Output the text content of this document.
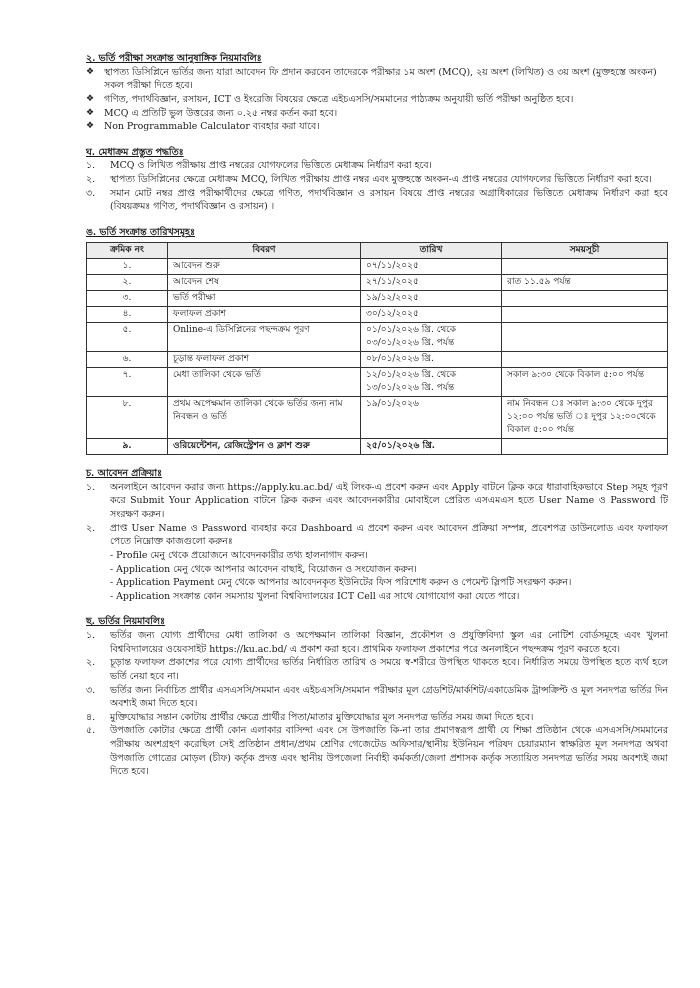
২. ভর্তি পরীক্ষা সংক্রান্ত আনুষাঙ্গিক নিয়মাবলিঃ

❖	স্থাপত্য ডিসিপ্লিনে ভর্তির জন্য যারা আবেদন ফি প্রদান করবেন তাদেরকে পরীক্ষার ১ম অংশ (MCQ), ২য় অংশ (লিখিত) ও ৩য় অংশ (মুক্তহস্তে অংকন) সকল পরীক্ষা দিতে হবে।
❖	গণিত, পদার্থবিজ্ঞান, রসায়ন, ICT ও ইংরেজি বিষয়ের ক্ষেত্রে এইচএসসি/সমমানের পাঠ্যক্রম অনুযায়ী ভর্তি পরীক্ষা অনুষ্ঠিত হবে।
❖	MCQ এ প্রতিটি ভুল উত্তরের জন্য ০.২৫ নম্বর কর্তন করা হবে।
❖	Non Programmable Calculator ব্যবহার করা যাবে।

ঘ. মেধাক্রম প্রস্তুত পদ্ধতিঃ

১.	MCQ ও লিখিত পরীক্ষায় প্রাপ্ত নম্বরের যোগফলের ভিত্তিতে মেধাক্রম নির্ধারণ করা হবে।
২.	স্থাপত্য ডিসিপ্লিনের ক্ষেত্রে মেধাক্রম MCQ, লিখিত পরীক্ষায় প্রাপ্ত নম্বর এবং মুক্তহস্তে অংকন-এ প্রাপ্ত নম্বরের যোগফলের ভিত্তিতে নির্ধারণ করা হবে।
৩.	সমান মোট নম্বর প্রাপ্ত পরীক্ষার্থীদের ক্ষেত্রে গণিত, পদার্থবিজ্ঞান ও রসায়ন বিষয়ে প্রাপ্ত নম্বরের অগ্রাধিকারের ভিত্তিতে মেধাক্রম নির্ধারণ করা হবে (বিষয়ক্রমঃ গণিত, পদার্থবিজ্ঞান ও রসায়ন) ।

ঙ. ভর্তি সংক্রান্ত তারিখসমূহঃ

ক্রমিক নং	বিবরণ	তারিখ	সময়সূচী
১.	আবেদন শুরু	০৭/১১/২০২৫	
২.	আবেদন শেষ	২৭/১১/২০২৫	রাত ১১.৫৯ পর্যন্ত
৩.	ভর্তি পরীক্ষা	১৯/১২/২০২৫	
৪.	ফলাফল প্রকাশ	৩০/১২/২০২৫	
৫.	Online-এ ডিসিপ্লিনের পছন্দক্রম পূরণ	০১/০১/২০২৬ খ্রি. থেকে ০৩/০১/২০২৬ খ্রি. পর্যন্ত	
৬.	চূড়ান্ত ফলাফল প্রকাশ	০৮/০১/২০২৬ খ্রি.	
৭.	মেধা তালিকা থেকে ভর্তি	১২/০১/২০২৬ খ্রি. থেকে ১৩/০১/২০২৬ খ্রি. পর্যন্ত	সকাল ৯:৩০ থেকে বিকাল ৫:০০ পর্যন্ত
৮.	প্রথম অপেক্ষমান তালিকা থেকে ভর্তির জন্য নাম নিবন্ধন ও ভর্তি	১৯/০১/২০২৬	নাম নিবন্ধন ঃ সকাল ৯:৩০ থেকে দুপুর ১২:০০ পর্যন্ত ভর্তি ঃ দুপুর ১২:০০থেকে বিকাল ৫:০০ পর্যন্ত
৯.	ওরিয়েন্টেশন, রেজিস্ট্রেশন ও ক্লাশ শুরু	২৫/০১/২০২৬ খ্রি.	

চ. আবেদন প্রক্রিয়াঃ

১.	অনলাইনে আবেদন করার জন্য https://apply.ku.ac.bd/ এই লিংক-এ প্রবেশ করুন এবং Apply বাটনে ক্লিক করে ধারাবাহিকভাবে Step সমূহ পূরণ করে Submit Your Application বাটনে ক্লিক করুন এবং আবেদনকারীর মোবাইলে প্রেরিত এসএমএস হতে User Name ও Password টি সংরক্ষণ করুন।
২.	প্রাপ্ত User Name ও Password ব্যবহার করে Dashboard এ প্রবেশ করুন এবং আবেদন প্রক্রিয়া সম্পন্ন, প্রবেশপত্র ডাউনলোড এবং ফলাফল পেতে নিম্নোক্ত কাজগুলো করুনঃ
- Profile মেনু থেকে প্রয়োজনে আবেদনকারীর তথ্য হালনাগাদ করুন।
- Application মেনু থেকে আপনার আবেদন বাছাই, বিয়োজন ও সংযোজন করুন।
- Application Payment মেনু থেকে আপনার আবেদনকৃত ইউনিটের ফিস পরিশোধ করুন ও পেমেন্ট স্লিপটি সংরক্ষণ করুন।
- Application সংক্রান্ত কোন সমস্যায় খুলনা বিশ্ববিদ্যালয়ের ICT Cell এর সাথে যোগাযোগ করা যেতে পারে।

ছ. ভর্তির নিয়মাবলিঃ

১.	ভর্তির জন্য যোগ্য প্রার্থীদের মেধা তালিকা ও অপেক্ষমান তালিকা বিজ্ঞান, প্রকৌশল ও প্রযুক্তিবিদ্যা স্কুল এর নোটিশ বোর্ডসমূহে এবং খুলনা বিশ্ববিদ্যালয়ের ওয়েবসাইট https://ku.ac.bd/ এ প্রকাশ করা হবে। প্রাথমিক ফলাফল প্রকাশের পরে অনলাইনে পছন্দক্রম পূরণ করতে হবে।
২.	চূড়ান্ত ফলাফল প্রকাশের পরে যোগ্য প্রার্থীদের ভর্তির নির্ধারিত তারিখ ও সময়ে স্ব-শরীরে উপস্থিত থাকতে হবে। নির্ধারিত সময়ে উপস্থিত হতে ব্যর্থ হলে ভর্তি নেয়া হবে না।
৩.	ভর্তির জন্য নির্বাচিত প্রার্থীর এসএসসি/সমমান এবং এইচএসসি/সমমান পরীক্ষার মূল গ্রেডশিট/মার্কশিট/একাডেমিক ট্রান্সক্রিপ্ট ও মূল সনদপত্র ভর্তির দিন অবশ্যই জমা দিতে হবে।
৪.	মুক্তিযোদ্ধার সন্তান কোটায় প্রার্থীর ক্ষেত্রে প্রার্থীর পিতা/মাতার মুক্তিযোদ্ধার মূল সনদপত্র ভর্তির সময় জমা দিতে হবে।
৫.	উপজাতি কোটার ক্ষেত্রে প্রার্থী কোন এলাকার বাসিন্দা এবং সে উপজাতি কি-না তার প্রমাণস্বরূপ প্রার্থী যে শিক্ষা প্রতিষ্ঠান থেকে এসএসসি/সমমানের পরীক্ষায় অংশগ্রহণ করেছিল সেই প্রতিষ্ঠান প্রধান/প্রথম শ্রেণির গেজেটেড অফিসার/স্থানীয় ইউনিয়ন পরিষদ চেয়ারম্যান স্বাক্ষরিত মূল সনদপত্র অথবা উপজাতি গোত্রের মোড়ল (চীফ) কর্তৃক প্রদত্ত এবং স্থানীয় উপজেলা নির্বাহী কর্মকর্তা/জেলা প্রশাসক কর্তৃক সত্যায়িত সনদপত্র ভর্তির সময় অবশ্যই জমা দিতে হবে।
